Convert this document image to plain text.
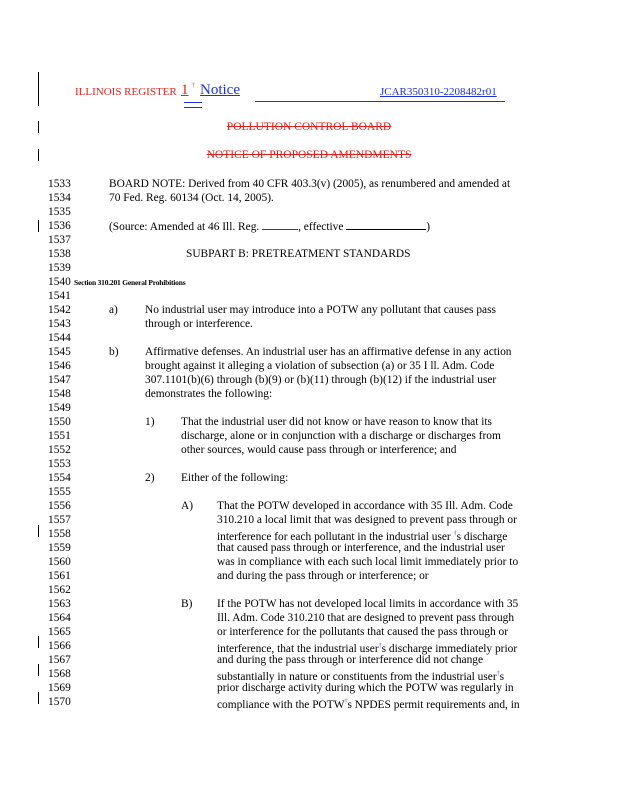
ILLINOIS REGISTER 1 † Notice	JCAR350310-2208482r01
POLLUTION CONTROL BOARD
NOTICE OF PROPOSED AMENDMENTS
1533
1534
1535
1536
1537
1538
1539
1540
1541
1542
1543
1544
1545
1546
1547
1548
1549
1550
1551
1552
1553
1554
1555
1556
1557
1558
1559
1560
1561
1562
1563
1564
1565
1566
1567
1568
1569
1570
BOARD NOTE: Derived from 40 CFR 403.3(v) (2005), as renumbered and amended at
70 Fed. Reg. 60134 (Oct. 14, 2005).
(Source: Amended at 46 Ill. Reg.	, effective	)
SUBPART B: PRETREATMENT STANDARDS
Section 310.201 General Prohibitions
a) No industrial user may introduce into a POTW any pollutant that causes pass
through or interference.
b) Affirmative defenses. An industrial user has an affirmative defense in any action
brought against it alleging a violation of subsection (a) or 35 I ll. Adm. Code
307.1101(b)(6) through (b)(9) or (b)(11) through (b)(12) if the industrial user
demonstrates the following:
1) That the industrial user did not know or have reason to know that its
discharge, alone or in conjunction with a discharge or discharges from
other sources, would cause pass through or interference; and
2) Either of the following:
A) That the POTW developed in accordance with 35 Ill. Adm. Code
310.210 a local limit that was designed to prevent pass through or
interference for each pollutant in the industrial user †s discharge
that caused pass through or interference, and the industrial user
was in compliance with each such local limit immediately prior to
and during the pass through or interference; or
B) If the POTW has not developed local limits in accordance with 35
Ill. Adm. Code 310.210 that are designed to prevent pass through
or interference for the pollutants that caused the pass through or
interference, that the industrial user†s discharge immediately prior
and during the pass through or interference did not change
substantially in nature or constituents from the industrial user†s
prior discharge activity during which the POTW was regularly in
compliance with the POTW†s NPDES permit requirements and, in
